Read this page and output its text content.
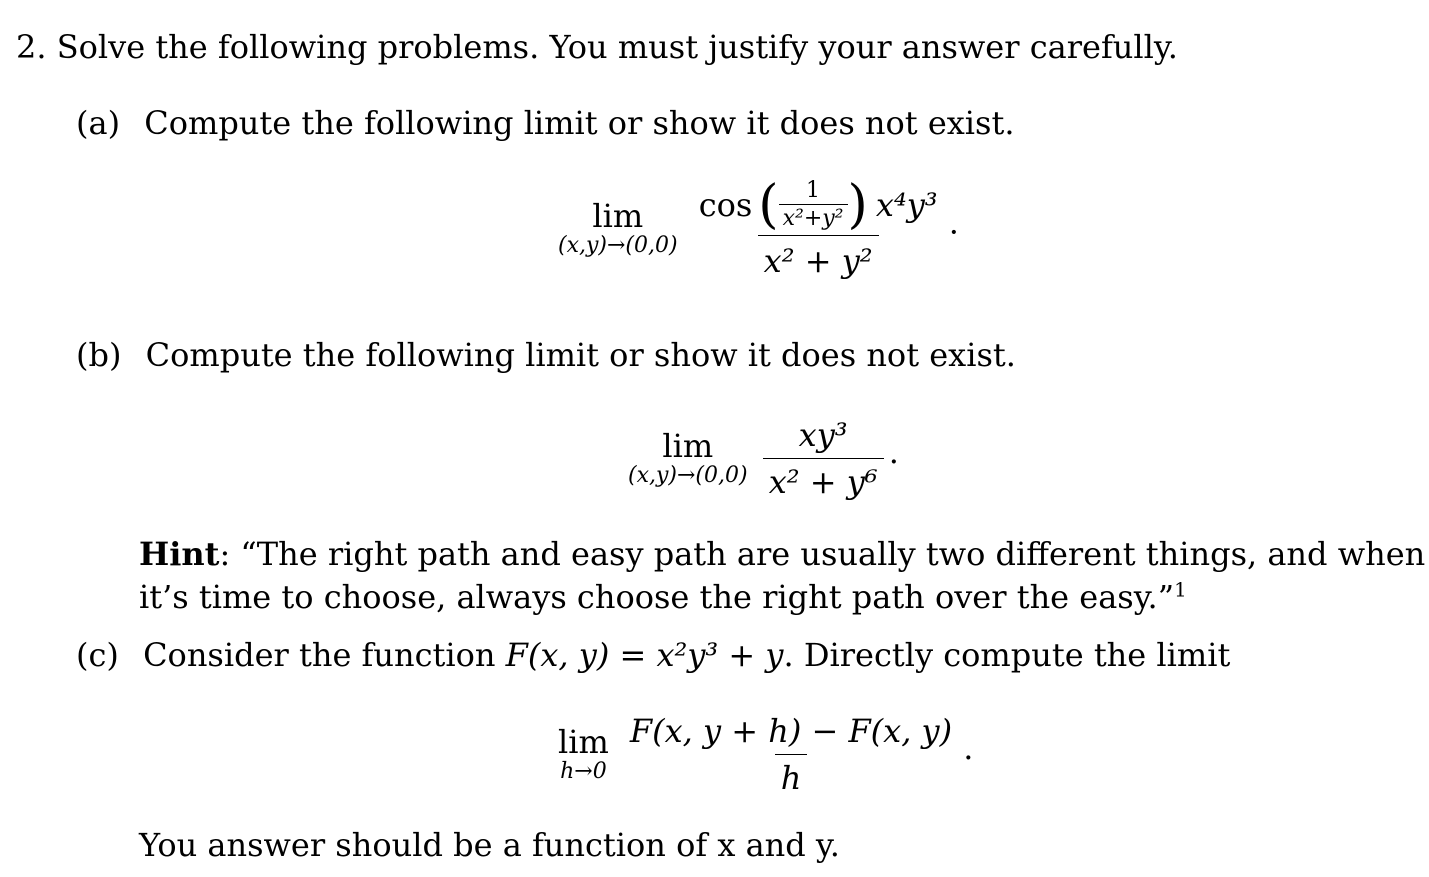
2. Solve the following problems. You must justify your answer carefully.
(a) Compute the following limit or show it does not exist.
lim
(x,y)→(0,0)

cos ( $\frac{1}{\text{x²+y²}}$ ) x⁴y³
x² + y²
.
(b) Compute the following limit or show it does not exist.
lim
(x,y)→(0,0)
$\frac{\text{xy³}}{\text{x² + y⁶}}$ .
Hint: “The right path and easy path are usually two different things, and when
it’s time to choose, always choose the right path over the easy.”$^1$
(c) Consider the function F(x, y) = x²y³ + y. Directly compute the limit
lim
h→0
$\frac{F(x, y + h) - F(x, y)}{h}$ .
You answer should be a function of x and y.
